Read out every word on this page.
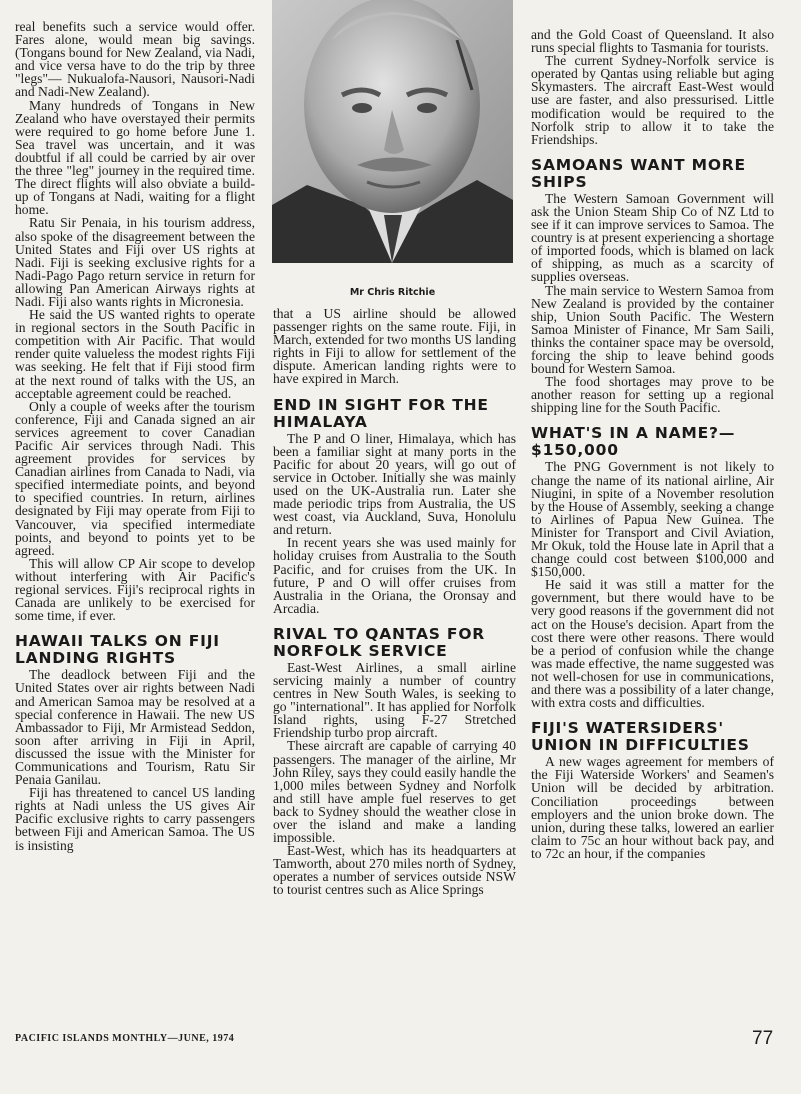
real benefits such a service would offer. Fares alone, would mean big savings. (Tongans bound for New Zealand, via Nadi, and vice versa have to do the trip by three "legs"— Nukualofa-Nausori, Nausori-Nadi and Nadi-New Zealand).

Many hundreds of Tongans in New Zealand who have overstayed their permits were required to go home before June 1. Sea travel was uncertain, and it was doubtful if all could be carried by air over the three "leg" journey in the required time. The direct flights will also obviate a build-up of Tongans at Nadi, waiting for a flight home.

Ratu Sir Penaia, in his tourism address, also spoke of the disagreement between the United States and Fiji over US rights at Nadi. Fiji is seeking exclusive rights for a Nadi-Pago Pago return service in return for allowing Pan American Airways rights at Nadi. Fiji also wants rights in Micronesia.

He said the US wanted rights to operate in regional sectors in the South Pacific in competition with Air Pacific. That would render quite valueless the modest rights Fiji was seeking. He felt that if Fiji stood firm at the next round of talks with the US, an acceptable agreement could be reached.

Only a couple of weeks after the tourism conference, Fiji and Canada signed an air services agreement to cover Canadian Pacific Air services through Nadi. This agreement provides for services by Canadian airlines from Canada to Nadi, via specified intermediate points, and beyond to specified countries. In return, airlines designated by Fiji may operate from Fiji to Vancouver, via specified intermediate points, and beyond to points yet to be agreed.

This will allow CP Air scope to develop without interfering with Air Pacific's regional services. Fiji's reciprocal rights in Canada are unlikely to be exercised for some time, if ever.

HAWAII TALKS ON FIJI LANDING RIGHTS

The deadlock between Fiji and the United States over air rights between Nadi and American Samoa may be resolved at a special conference in Hawaii. The new US Ambassador to Fiji, Mr Armistead Seddon, soon after arriving in Fiji in April, discussed the issue with the Minister for Communications and Tourism, Ratu Sir Penaia Ganilau.

Fiji has threatened to cancel US landing rights at Nadi unless the US gives Air Pacific exclusive rights to carry passengers between Fiji and American Samoa. The US is insisting

Mr Chris Ritchie

that a US airline should be allowed passenger rights on the same route. Fiji, in March, extended for two months US landing rights in Fiji to allow for settlement of the dispute. American landing rights were to have expired in March.

END IN SIGHT FOR THE HIMALAYA

The P and O liner, Himalaya, which has been a familiar sight at many ports in the Pacific for about 20 years, will go out of service in October. Initially she was mainly used on the UK-Australia run. Later she made periodic trips from Australia, the US west coast, via Auckland, Suva, Honolulu and return.

In recent years she was used mainly for holiday cruises from Australia to the South Pacific, and for cruises from the UK. In future, P and O will offer cruises from Australia in the Oriana, the Oronsay and Arcadia.

RIVAL TO QANTAS FOR NORFOLK SERVICE

East-West Airlines, a small airline servicing mainly a number of country centres in New South Wales, is seeking to go "international". It has applied for Norfolk Island rights, using F-27 Stretched Friendship turbo prop aircraft.

These aircraft are capable of carrying 40 passengers. The manager of the airline, Mr John Riley, says they could easily handle the 1,000 miles between Sydney and Norfolk and still have ample fuel reserves to get back to Sydney should the weather close in over the island and make a landing impossible.

East-West, which has its headquarters at Tamworth, about 270 miles north of Sydney, operates a number of services outside NSW to tourist centres such as Alice Springs

and the Gold Coast of Queensland. It also runs special flights to Tasmania for tourists.

The current Sydney-Norfolk service is operated by Qantas using reliable but aging Skymasters. The aircraft East-West would use are faster, and also pressurised. Little modification would be required to the Norfolk strip to allow it to take the Friendships.

SAMOANS WANT MORE SHIPS

The Western Samoan Government will ask the Union Steam Ship Co of NZ Ltd to see if it can improve services to Samoa. The country is at present experiencing a shortage of imported foods, which is blamed on lack of shipping, as much as a scarcity of supplies overseas.

The main service to Western Samoa from New Zealand is provided by the container ship, Union South Pacific. The Western Samoa Minister of Finance, Mr Sam Saili, thinks the container space may be oversold, forcing the ship to leave behind goods bound for Western Samoa.

The food shortages may prove to be another reason for setting up a regional shipping line for the South Pacific.

WHAT'S IN A NAME?—$150,000

The PNG Government is not likely to change the name of its national airline, Air Niugini, in spite of a November resolution by the House of Assembly, seeking a change to Airlines of Papua New Guinea. The Minister for Transport and Civil Aviation, Mr Okuk, told the House late in April that a change could cost between $100,000 and $150,000.

He said it was still a matter for the government, but there would have to be very good reasons if the government did not act on the House's decision. Apart from the cost there were other reasons. There would be a period of confusion while the change was made effective, the name suggested was not well-chosen for use in communications, and there was a possibility of a later change, with extra costs and difficulties.

FIJI'S WATERSIDERS' UNION IN DIFFICULTIES

A new wages agreement for members of the Fiji Waterside Workers' and Seamen's Union will be decided by arbitration. Conciliation proceedings between employers and the union broke down. The union, during these talks, lowered an earlier claim to 75c an hour without back pay, and to 72c an hour, if the companies

PACIFIC ISLANDS MONTHLY—JUNE, 1974	77
